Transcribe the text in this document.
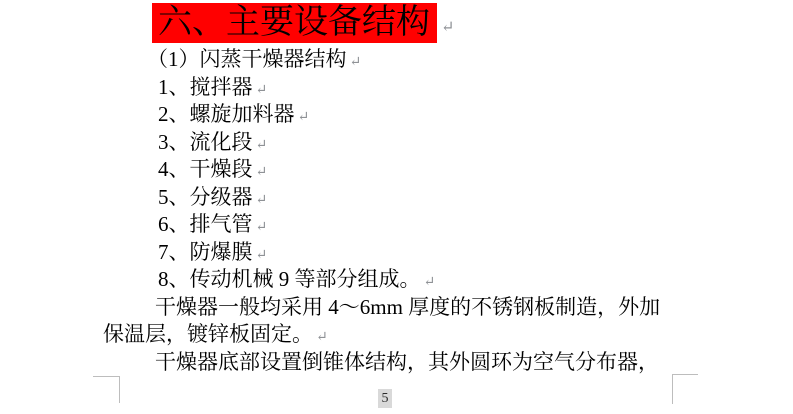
六、主要设备结构 ↵
（1）闪蒸干燥器结构 ↵
1、搅拌器 ↵
2、螺旋加料器 ↵
3、流化段 ↵
4、干燥段 ↵
5、分级器 ↵
6、排气管 ↵
7、防爆膜 ↵
8、传动机械 9 等部分组成。 ↵
干燥器一般均采用 4～6mm 厚度的不锈钢板制造，外加
保温层，镀锌板固定。 ↵
干燥器底部设置倒锥体结构，其外圆环为空气分布器，
5
